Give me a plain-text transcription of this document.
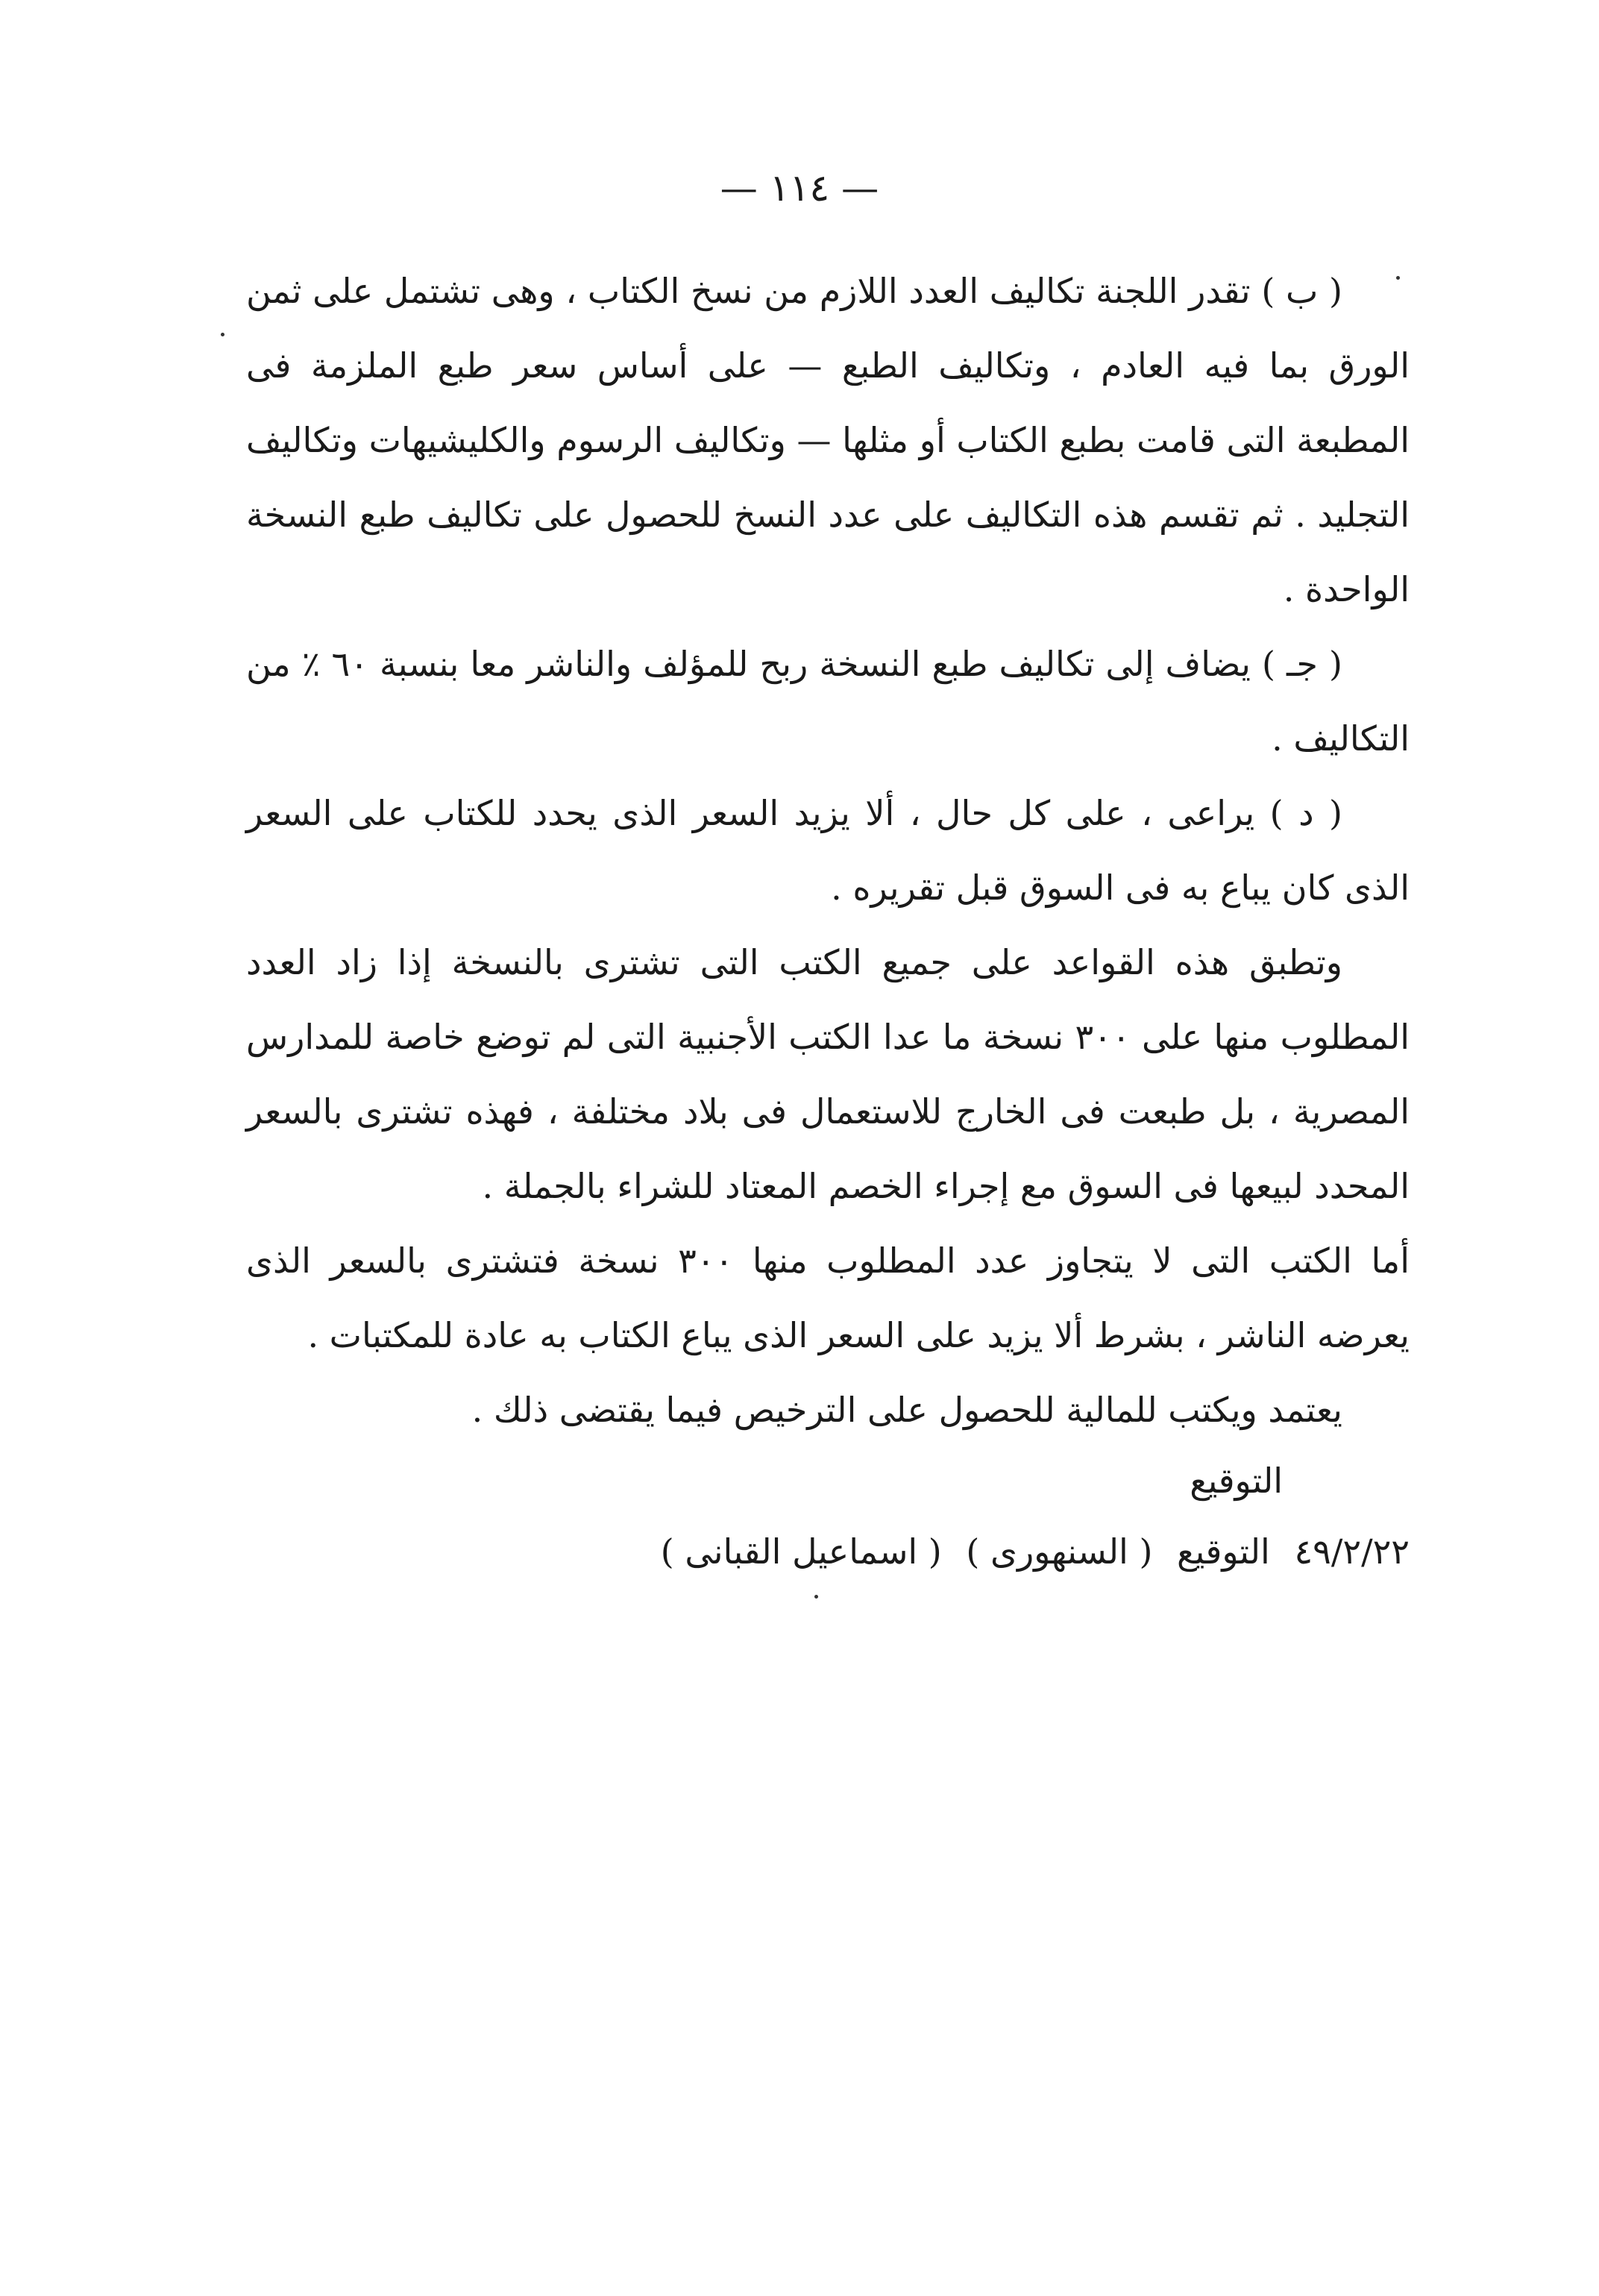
— ١١٤ —

( ب ) تقدر اللجنة تكاليف العدد اللازم من نسخ الكتاب ، وهى تشتمل على ثمن الورق بما فيه العادم ، وتكاليف الطبع — على أساس سعر طبع الملزمة فى المطبعة التى قامت بطبع الكتاب أو مثلها — وتكاليف الرسوم والكليشيهات وتكاليف التجليد . ثم تقسم هذه التكاليف على عدد النسخ للحصول على تكاليف طبع النسخة الواحدة .

( جـ ) يضاف إلى تكاليف طبع النسخة ربح للمؤلف والناشر معا بنسبة ٦٠ ٪ من التكاليف .

( د ) يراعى ، على كل حال ، ألا يزيد السعر الذى يحدد للكتاب على السعر الذى كان يباع به فى السوق قبل تقريره .

وتطبق هذه القواعد على جميع الكتب التى تشترى بالنسخة إذا زاد العدد المطلوب منها على ٣٠٠ نسخة ما عدا الكتب الأجنبية التى لم توضع خاصة للمدارس المصرية ، بل طبعت فى الخارج للاستعمال فى بلاد مختلفة ، فهذه تشترى بالسعر المحدد لبيعها فى السوق مع إجراء الخصم المعتاد للشراء بالجملة .

أما الكتب التى لا يتجاوز عدد المطلوب منها ٣٠٠ نسخة فتشترى بالسعر الذى يعرضه الناشر ، بشرط ألا يزيد على السعر الذى يباع الكتاب به عادة للمكتبات .

يعتمد ويكتب للمالية للحصول على الترخيص فيما يقتضى ذلك .

التوقيع

٤٩/٢/٢٢ التوقيع ( السنهورى ) ( اسماعيل القبانى )
